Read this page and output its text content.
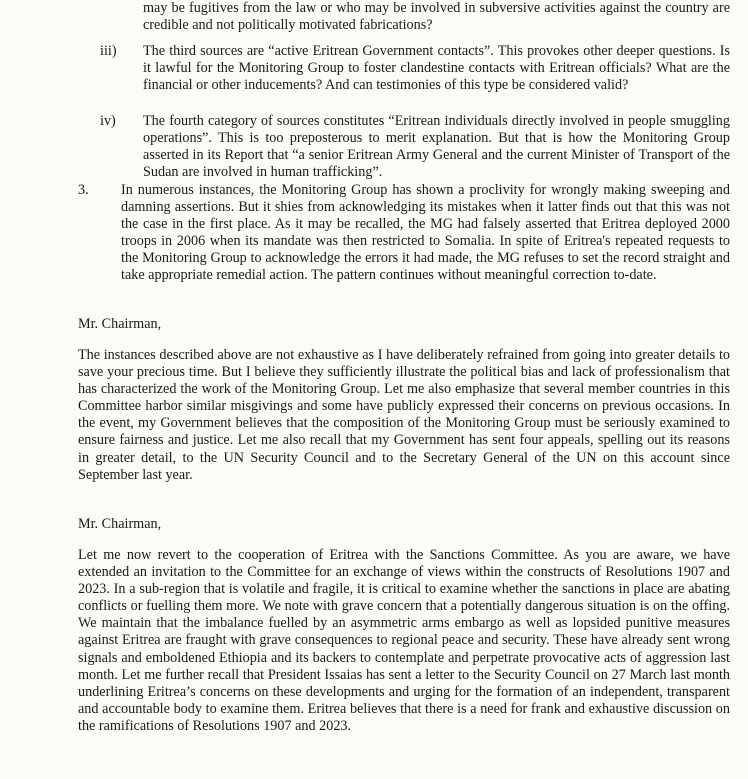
may be fugitives from the law or who may be involved in subversive activities against the country are credible and not politically motivated fabrications?

iii) The third sources are “active Eritrean Government contacts”. This provokes other deeper questions. Is it lawful for the Monitoring Group to foster clandestine contacts with Eritrean officials? What are the financial or other inducements? And can testimonies of this type be considered valid?

iv) The fourth category of sources constitutes “Eritrean individuals directly involved in people smuggling operations”. This is too preposterous to merit explanation. But that is how the Monitoring Group asserted in its Report that “a senior Eritrean Army General and the current Minister of Transport of the Sudan are involved in human trafficking”.

3. In numerous instances, the Monitoring Group has shown a proclivity for wrongly making sweeping and damning assertions. But it shies from acknowledging its mistakes when it latter finds out that this was not the case in the first place. As it may be recalled, the MG had falsely asserted that Eritrea deployed 2000 troops in 2006 when its mandate was then restricted to Somalia. In spite of Eritrea's repeated requests to the Monitoring Group to acknowledge the errors it had made, the MG refuses to set the record straight and take appropriate remedial action. The pattern continues without meaningful correction to-date.

Mr. Chairman,

The instances described above are not exhaustive as I have deliberately refrained from going into greater details to save your precious time. But I believe they sufficiently illustrate the political bias and lack of professionalism that has characterized the work of the Monitoring Group. Let me also emphasize that several member countries in this Committee harbor similar misgivings and some have publicly expressed their concerns on previous occasions. In the event, my Government believes that the composition of the Monitoring Group must be seriously examined to ensure fairness and justice. Let me also recall that my Government has sent four appeals, spelling out its reasons in greater detail, to the UN Security Council and to the Secretary General of the UN on this account since September last year.

Mr. Chairman,

Let me now revert to the cooperation of Eritrea with the Sanctions Committee. As you are aware, we have extended an invitation to the Committee for an exchange of views within the constructs of Resolutions 1907 and 2023. In a sub-region that is volatile and fragile, it is critical to examine whether the sanctions in place are abating conflicts or fuelling them more. We note with grave concern that a potentially dangerous situation is on the offing. We maintain that the imbalance fuelled by an asymmetric arms embargo as well as lopsided punitive measures against Eritrea are fraught with grave consequences to regional peace and security. These have already sent wrong signals and emboldened Ethiopia and its backers to contemplate and perpetrate provocative acts of aggression last month. Let me further recall that President Issaias has sent a letter to the Security Council on 27 March last month underlining Eritrea’s concerns on these developments and urging for the formation of an independent, transparent and accountable body to examine them. Eritrea believes that there is a need for frank and exhaustive discussion on the ramifications of Resolutions 1907 and 2023.
